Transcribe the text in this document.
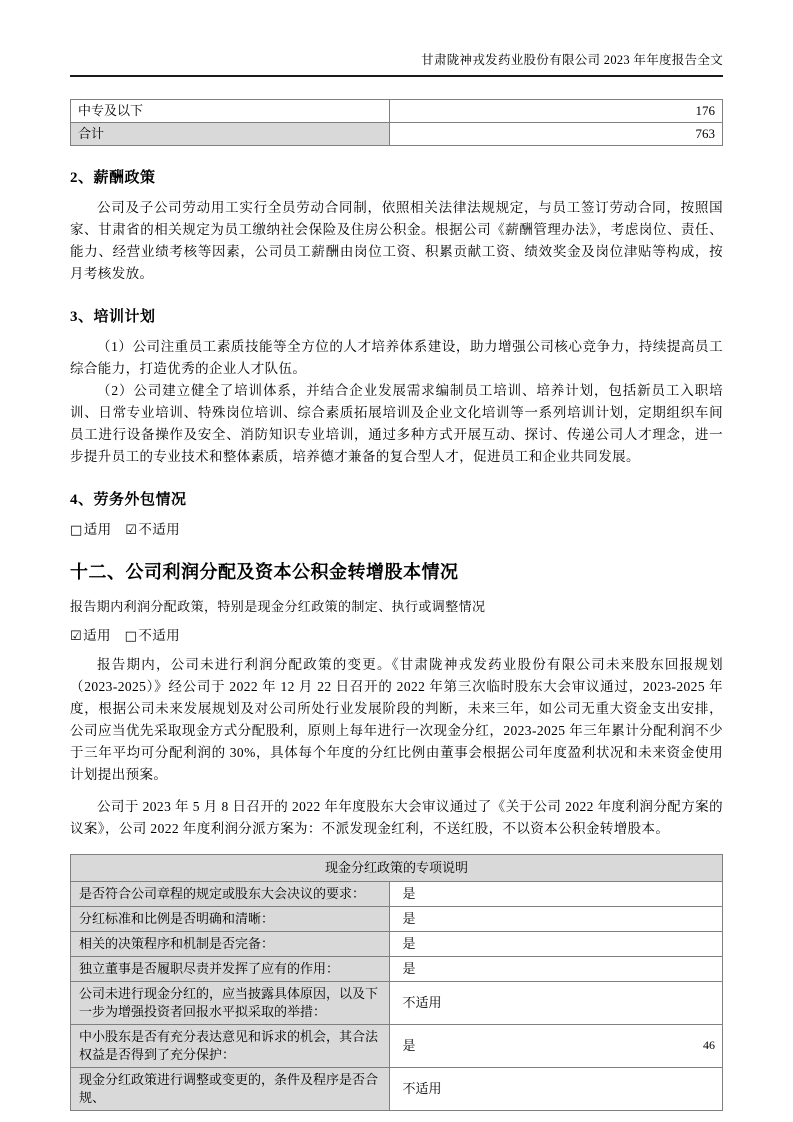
甘肃陇神戎发药业股份有限公司 2023 年年度报告全文
中专及以下	176
合计	763
2、薪酬政策

公司及子公司劳动用工实行全员劳动合同制，依照相关法律法规规定，与员工签订劳动合同，按照国家、甘肃省的相关规定为员工缴纳社会保险及住房公积金。根据公司《薪酬管理办法》，考虑岗位、责任、能力、经营业绩考核等因素，公司员工薪酬由岗位工资、积累贡献工资、绩效奖金及岗位津贴等构成，按月考核发放。

3、培训计划

（1）公司注重员工素质技能等全方位的人才培养体系建设，助力增强公司核心竞争力，持续提高员工综合能力，打造优秀的企业人才队伍。

（2）公司建立健全了培训体系，并结合企业发展需求编制员工培训、培养计划，包括新员工入职培训、日常专业培训、特殊岗位培训、综合素质拓展培训及企业文化培训等一系列培训计划，定期组织车间员工进行设备操作及安全、消防知识专业培训，通过多种方式开展互动、探讨、传递公司人才理念，进一步提升员工的专业技术和整体素质，培养德才兼备的复合型人才，促进员工和企业共同发展。

4、劳务外包情况
□适用 ☑不适用
十二、公司利润分配及资本公积金转增股本情况

报告期内利润分配政策，特别是现金分红政策的制定、执行或调整情况

☑适用 □不适用

报告期内，公司未进行利润分配政策的变更。《甘肃陇神戎发药业股份有限公司未来股东回报规划（2023-2025）》经公司于 2022 年 12 月 22 日召开的 2022 年第三次临时股东大会审议通过，2023-2025 年度，根据公司未来发展规划及对公司所处行业发展阶段的判断，未来三年，如公司无重大资金支出安排，公司应当优先采取现金方式分配股利，原则上每年进行一次现金分红，2023-2025 年三年累计分配利润不少于三年平均可分配利润的 30%，具体每个年度的分红比例由董事会根据公司年度盈利状况和未来资金使用计划提出预案。

公司于 2023 年 5 月 8 日召开的 2022 年年度股东大会审议通过了《关于公司 2022 年度利润分配方案的议案》，公司 2022 年度利润分派方案为：不派发现金红利，不送红股，不以资本公积金转增股本。

现金分红政策的专项说明	
是否符合公司章程的规定或股东大会决议的要求：	是
分红标准和比例是否明确和清晰：	是
相关的决策程序和机制是否完备：	是
独立董事是否履职尽责并发挥了应有的作用：	是
公司未进行现金分红的，应当披露具体原因，以及下一步为增强投资者回报水平拟采取的举措：	不适用
中小股东是否有充分表达意见和诉求的机会，其合法权益是否得到了充分保护：	是
现金分红政策进行调整或变更的，条件及程序是否合规、	不适用
46
